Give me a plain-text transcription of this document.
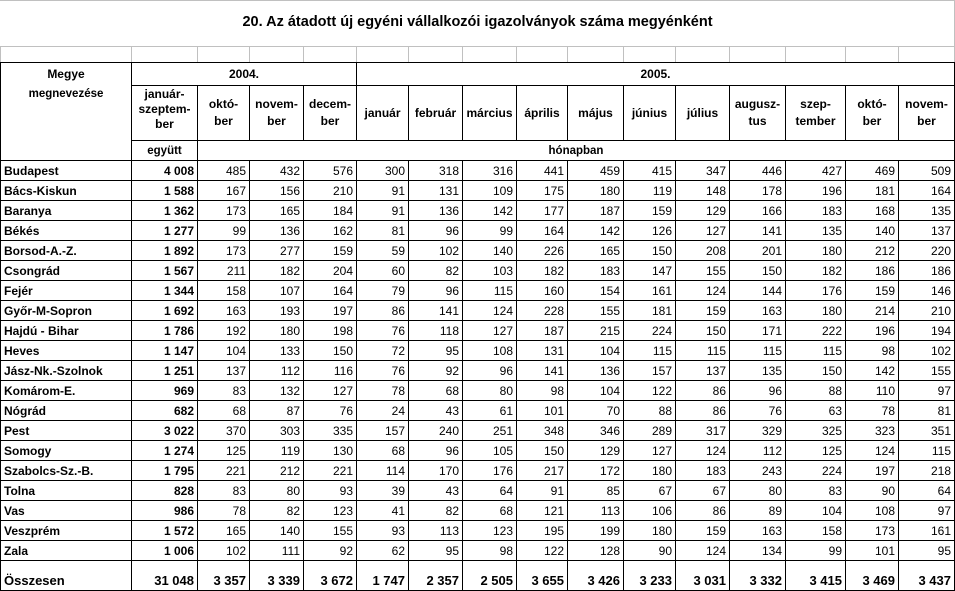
20. Az átadott új egyéni vállalkozói igazolványok száma megyénként
Megye	2004.				2005.										
megnevezése	január-szeptem-ber	októ-ber	novem-ber	decem-ber	január	február	március	április	május	június	július	augusz-tus	szep-tember	októ-ber	novem-ber
	együtt	hónapban													
Budapest	4 008	485	432	576	300	318	316	441	459	415	347	446	427	469	509
Bács-Kiskun	1 588	167	156	210	91	131	109	175	180	119	148	178	196	181	164
Baranya	1 362	173	165	184	91	136	142	177	187	159	129	166	183	168	135
Békés	1 277	99	136	162	81	96	99	164	142	126	127	141	135	140	137
Borsod-A.-Z.	1 892	173	277	159	59	102	140	226	165	150	208	201	180	212	220
Csongrád	1 567	211	182	204	60	82	103	182	183	147	155	150	182	186	186
Fejér	1 344	158	107	164	79	96	115	160	154	161	124	144	176	159	146
Győr-M-Sopron	1 692	163	193	197	86	141	124	228	155	181	159	163	180	214	210
Hajdú - Bihar	1 786	192	180	198	76	118	127	187	215	224	150	171	222	196	194
Heves	1 147	104	133	150	72	95	108	131	104	115	115	115	115	98	102
Jász-Nk.-Szolnok	1 251	137	112	116	76	92	96	141	136	157	137	135	150	142	155
Komárom-E.	969	83	132	127	78	68	80	98	104	122	86	96	88	110	97
Nógrád	682	68	87	76	24	43	61	101	70	88	86	76	63	78	81
Pest	3 022	370	303	335	157	240	251	348	346	289	317	329	325	323	351
Somogy	1 274	125	119	130	68	96	105	150	129	127	124	112	125	124	115
Szabolcs-Sz.-B.	1 795	221	212	221	114	170	176	217	172	180	183	243	224	197	218
Tolna	828	83	80	93	39	43	64	91	85	67	67	80	83	90	64
Vas	986	78	82	123	41	82	68	121	113	106	86	89	104	108	97
Veszprém	1 572	165	140	155	93	113	123	195	199	180	159	163	158	173	161
Zala	1 006	102	111	92	62	95	98	122	128	90	124	134	99	101	95

Összesen	31 048	3 357	3 339	3 672	1 747	2 357	2 505	3 655	3 426	3 233	3 031	3 332	3 415	3 469	3 437
